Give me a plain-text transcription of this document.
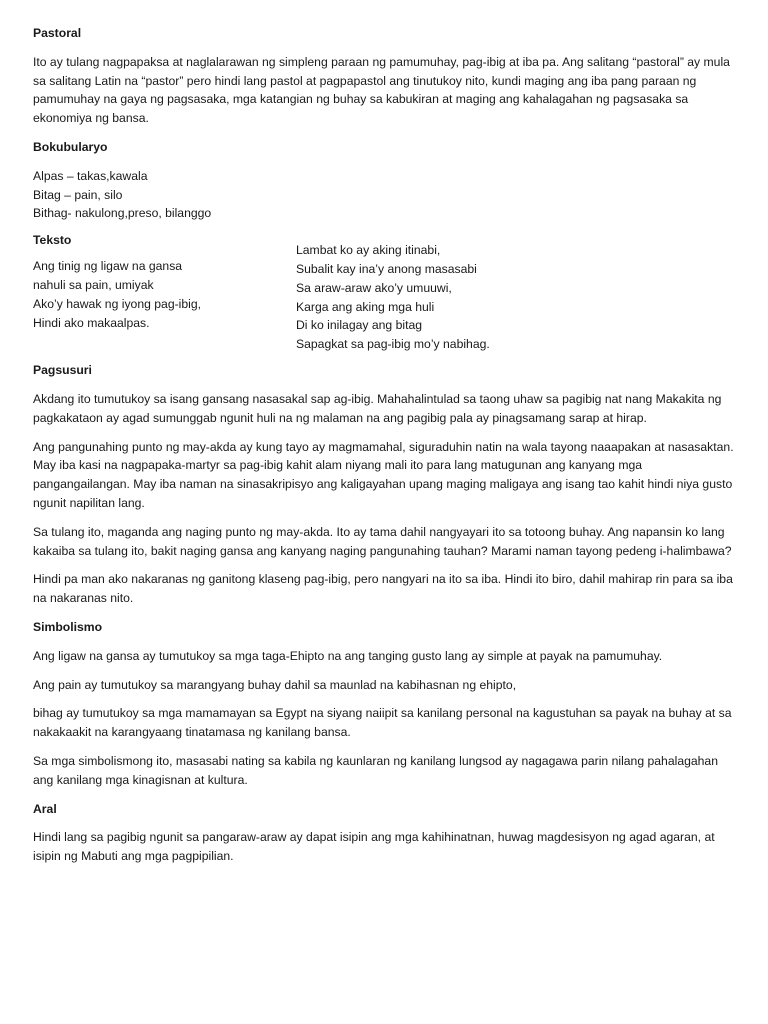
Pastoral

Ito ay tulang nagpapaksa at naglalarawan ng simpleng paraan ng pamumuhay, pag-ibig at iba pa. Ang salitang “pastoral” ay mula sa salitang Latin na “pastor” pero hindi lang pastol at pagpapastol ang tinutukoy nito, kundi maging ang iba pang paraan ng pamumuhay na gaya ng pagsasaka, mga katangian ng buhay sa kabukiran at maging ang kahalagahan ng pagsasaka sa ekonomiya ng bansa.

Bokubularyo
Alpas – takas,kawala
Bitag – pain, silo
Bithag- nakulong,preso, bilanggo
Teksto
Ang tinig ng ligaw na gansa
nahuli sa pain, umiyak
Ako’y hawak ng iyong pag-ibig,
Hindi ako makaalpas.
Lambat ko ay aking itinabi,
Subalit kay ina’y anong masasabi
Sa araw-araw ako’y umuuwi,
Karga ang aking mga huli
Di ko inilagay ang bitag
Sapagkat sa pag-ibig mo’y nabihag.
Pagsusuri

Akdang ito tumutukoy sa isang gansang nasasakal sap ag-ibig. Mahahalintulad sa taong uhaw sa pagibig nat nang Makakita ng pagkakataon ay agad sumunggab ngunit huli na ng malaman na ang pagibig pala ay pinagsamang sarap at hirap.

Ang pangunahing punto ng may-akda ay kung tayo ay magmamahal, siguraduhin natin na wala tayong naaapakan at nasasaktan. May iba kasi na nagpapaka-martyr sa pag-ibig kahit alam niyang mali ito para lang matugunan ang kanyang mga pangangailangan. May iba naman na sinasakripisyo ang kaligayahan upang maging maligaya ang isang tao kahit hindi niya gusto ngunit napilitan lang.

Sa tulang ito, maganda ang naging punto ng may-akda. Ito ay tama dahil nangyayari ito sa totoong buhay. Ang napansin ko lang kakaiba sa tulang ito, bakit naging gansa ang kanyang naging pangunahing tauhan? Marami naman tayong pedeng i-halimbawa?

Hindi pa man ako nakaranas ng ganitong klaseng pag-ibig, pero nangyari na ito sa iba. Hindi ito biro, dahil mahirap rin para sa iba na nakaranas nito.

Simbolismo

Ang ligaw na gansa ay tumutukoy sa mga taga-Ehipto na ang tanging gusto lang ay simple at payak na pamumuhay.

Ang pain ay tumutukoy sa marangyang buhay dahil sa maunlad na kabihasnan ng ehipto,

bihag ay tumutukoy sa mga mamamayan sa Egypt na siyang naiipit sa kanilang personal na kagustuhan sa payak na buhay at sa nakakaakit na karangyaang tinatamasa ng kanilang bansa.

Sa mga simbolismong ito, masasabi nating sa kabila ng kaunlaran ng kanilang lungsod ay nagagawa parin nilang pahalagahan ang kanilang mga kinagisnan at kultura.

Aral

Hindi lang sa pagibig ngunit sa pangaraw-araw ay dapat isipin ang mga kahihinatnan, huwag magdesisyon ng agad agaran, at isipin ng Mabuti ang mga pagpipilian.
